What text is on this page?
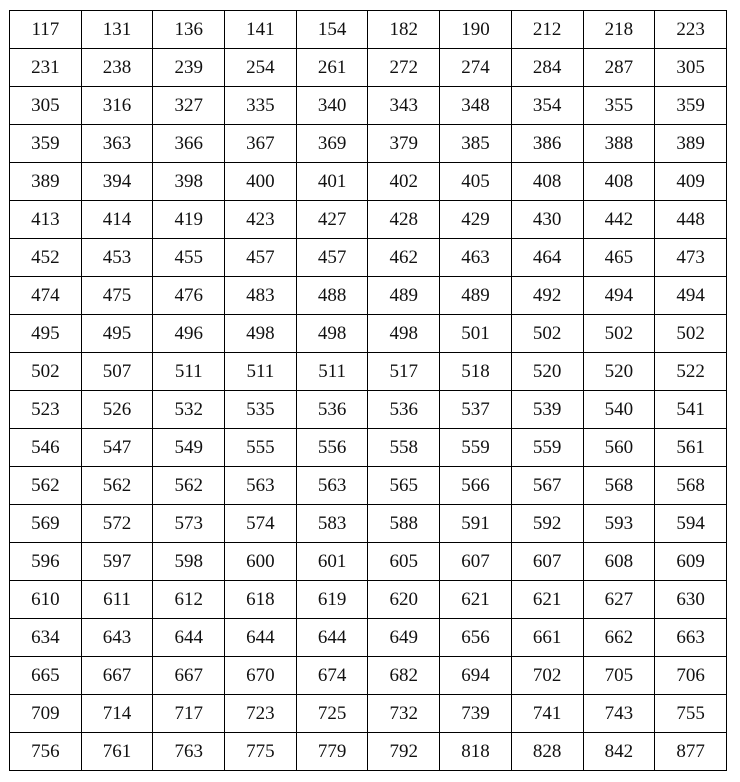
117	131	136	141	154	182	190	212	218	223
231	238	239	254	261	272	274	284	287	305
305	316	327	335	340	343	348	354	355	359
359	363	366	367	369	379	385	386	388	389
389	394	398	400	401	402	405	408	408	409
413	414	419	423	427	428	429	430	442	448
452	453	455	457	457	462	463	464	465	473
474	475	476	483	488	489	489	492	494	494
495	495	496	498	498	498	501	502	502	502
502	507	511	511	511	517	518	520	520	522
523	526	532	535	536	536	537	539	540	541
546	547	549	555	556	558	559	559	560	561
562	562	562	563	563	565	566	567	568	568
569	572	573	574	583	588	591	592	593	594
596	597	598	600	601	605	607	607	608	609
610	611	612	618	619	620	621	621	627	630
634	643	644	644	644	649	656	661	662	663
665	667	667	670	674	682	694	702	705	706
709	714	717	723	725	732	739	741	743	755
756	761	763	775	779	792	818	828	842	877
